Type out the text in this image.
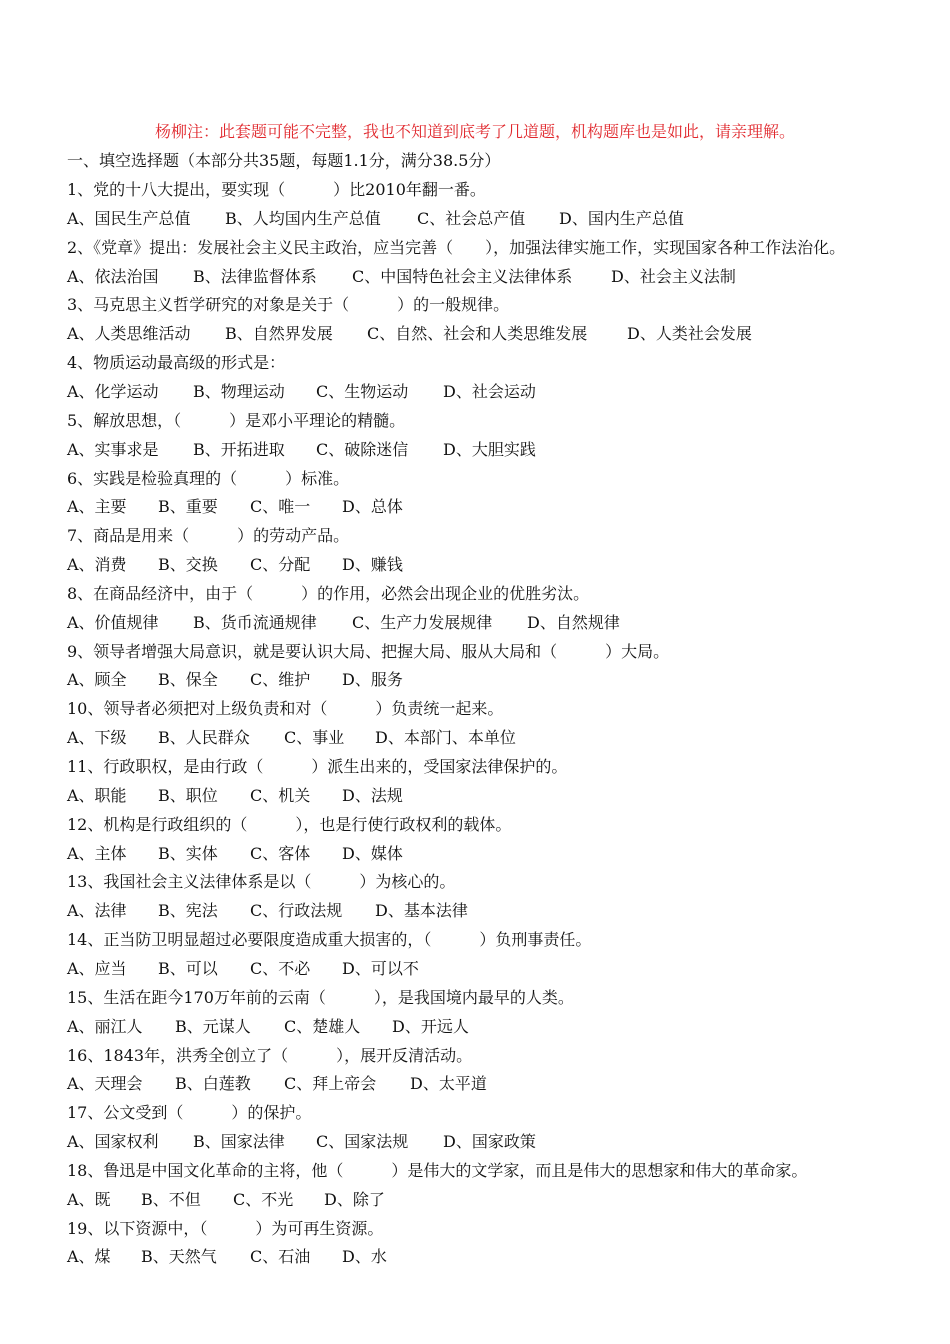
杨柳注：此套题可能不完整，我也不知道到底考了几道题，机构题库也是如此，请亲理解。
一、填空选择题（本部分共35题，每题1.1分，满分38.5分）
1、党的十八大提出，要实现（　　　）比2010年翻一番。
A、国民生产总值 B、人均国内生产总值 C、社会总产值 D、国内生产总值
2、《党章》提出：发展社会主义民主政治，应当完善（　　），加强法律实施工作，实现国家各种工作法治化。
A、依法治国 B、法律监督体系 C、中国特色社会主义法律体系 D、社会主义法制
3、马克思主义哲学研究的对象是关于（　　　）的一般规律。
A、人类思维活动 B、自然界发展 C、自然、社会和人类思维发展 D、人类社会发展
4、物质运动最高级的形式是：
A、化学运动 B、物理运动 C、生物运动 D、社会运动
5、解放思想，（　　　）是邓小平理论的精髓。
A、实事求是 B、开拓进取 C、破除迷信 D、大胆实践
6、实践是检验真理的（　　　）标准。
A、主要 B、重要 C、唯一 D、总体
7、商品是用来（　　　）的劳动产品。
A、消费 B、交换 C、分配 D、赚钱
8、在商品经济中，由于（　　　）的作用，必然会出现企业的优胜劣汰。
A、价值规律 B、货币流通规律 C、生产力发展规律 D、自然规律
9、领导者增强大局意识，就是要认识大局、把握大局、服从大局和（　　　）大局。
A、顾全 B、保全 C、维护 D、服务
10、领导者必须把对上级负责和对（　　　）负责统一起来。
A、下级 B、人民群众 C、事业 D、本部门、本单位
11、行政职权，是由行政（　　　）派生出来的，受国家法律保护的。
A、职能 B、职位 C、机关 D、法规
12、机构是行政组织的（　　　），也是行使行政权利的载体。
A、主体 B、实体 C、客体 D、媒体
13、我国社会主义法律体系是以（　　　）为核心的。
A、法律 B、宪法 C、行政法规 D、基本法律
14、正当防卫明显超过必要限度造成重大损害的，（　　　）负刑事责任。
A、应当 B、可以 C、不必 D、可以不
15、生活在距今170万年前的云南（　　　），是我国境内最早的人类。
A、丽江人 B、元谋人 C、楚雄人 D、开远人
16、1843年，洪秀全创立了（　　　），展开反清活动。
A、天理会 B、白莲教 C、拜上帝会 D、太平道
17、公文受到（　　　）的保护。
A、国家权利 B、国家法律 C、国家法规 D、国家政策
18、鲁迅是中国文化革命的主将，他（　　　）是伟大的文学家，而且是伟大的思想家和伟大的革命家。
A、既 B、不但 C、不光 D、除了
19、以下资源中，（　　　）为可再生资源。
A、煤 B、天然气 C、石油 D、水
